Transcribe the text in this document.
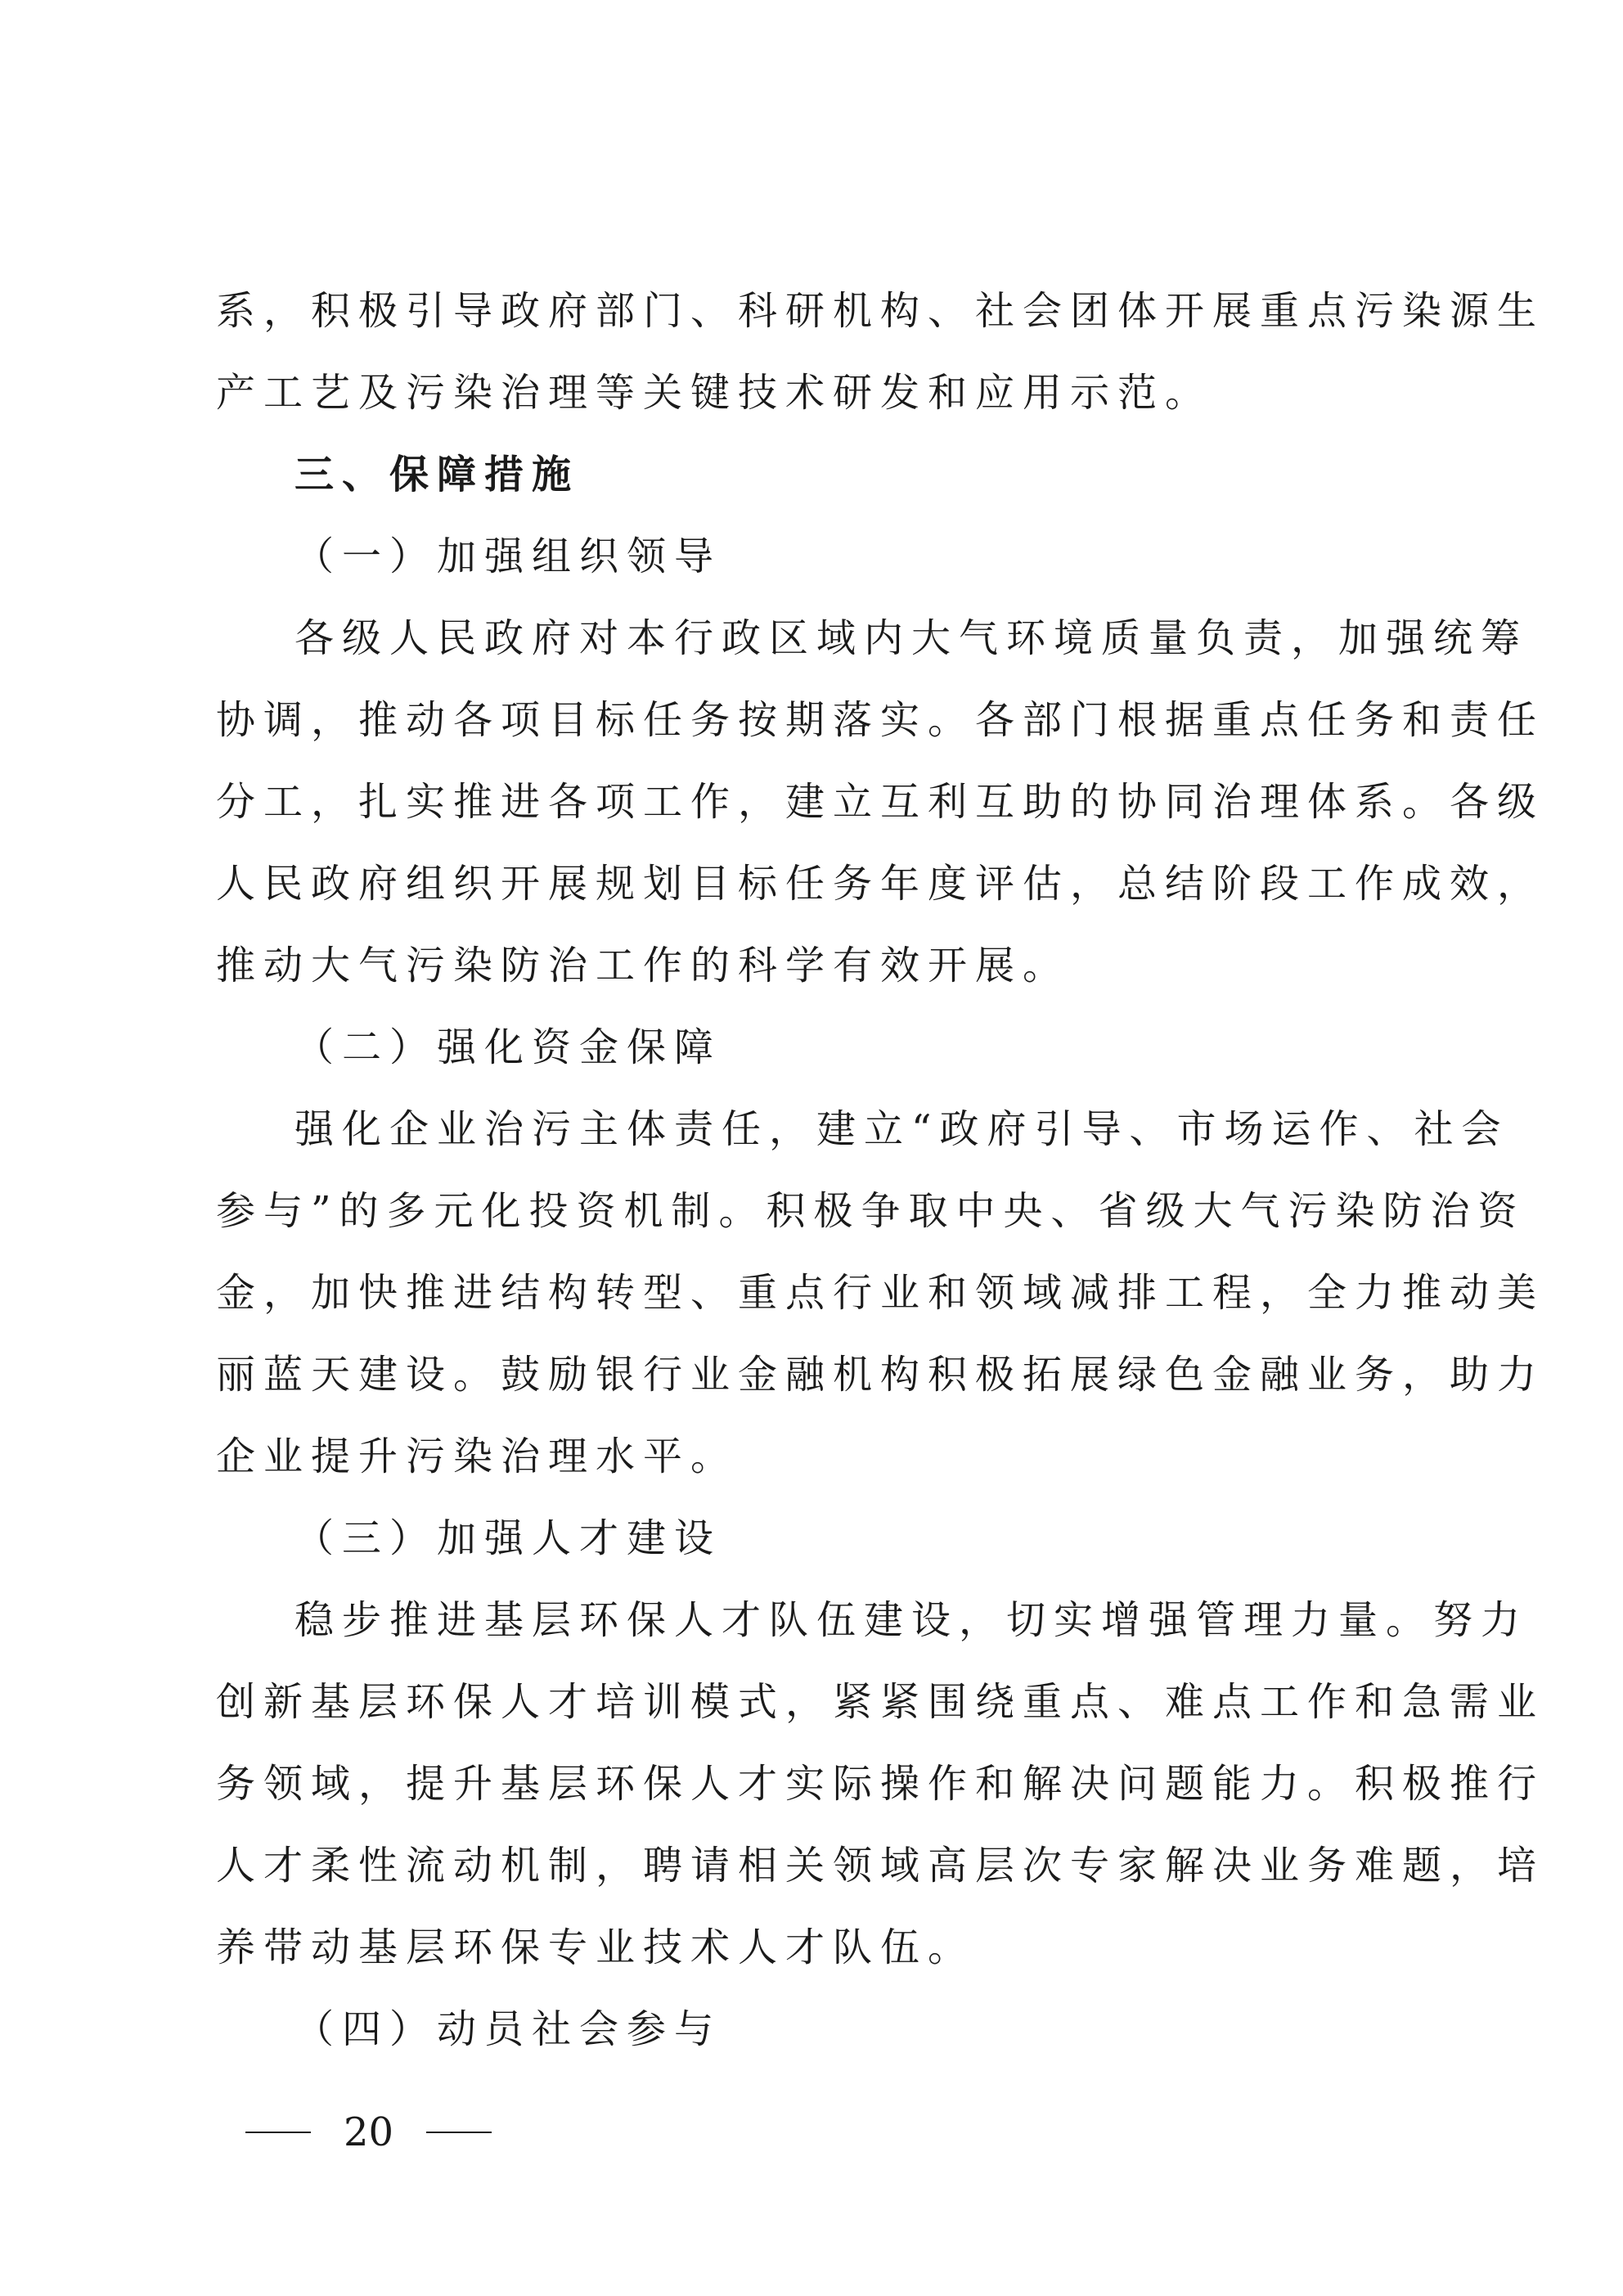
系，积极引导政府部门、科研机构、社会团体开展重点污染源生
产工艺及污染治理等关键技术研发和应用示范。
三、保障措施
（一）加强组织领导
各级人民政府对本行政区域内大气环境质量负责，加强统筹
协调，推动各项目标任务按期落实。各部门根据重点任务和责任
分工，扎实推进各项工作，建立互利互助的协同治理体系。各级
人民政府组织开展规划目标任务年度评估，总结阶段工作成效，
推动大气污染防治工作的科学有效开展。
（二）强化资金保障
强化企业治污主体责任，建立“政府引导、市场运作、社会
参与”的多元化投资机制。积极争取中央、省级大气污染防治资
金，加快推进结构转型、重点行业和领域减排工程，全力推动美
丽蓝天建设。鼓励银行业金融机构积极拓展绿色金融业务，助力
企业提升污染治理水平。
（三）加强人才建设
稳步推进基层环保人才队伍建设，切实增强管理力量。努力
创新基层环保人才培训模式，紧紧围绕重点、难点工作和急需业
务领域，提升基层环保人才实际操作和解决问题能力。积极推行
人才柔性流动机制，聘请相关领域高层次专家解决业务难题，培
养带动基层环保专业技术人才队伍。
（四）动员社会参与
20
